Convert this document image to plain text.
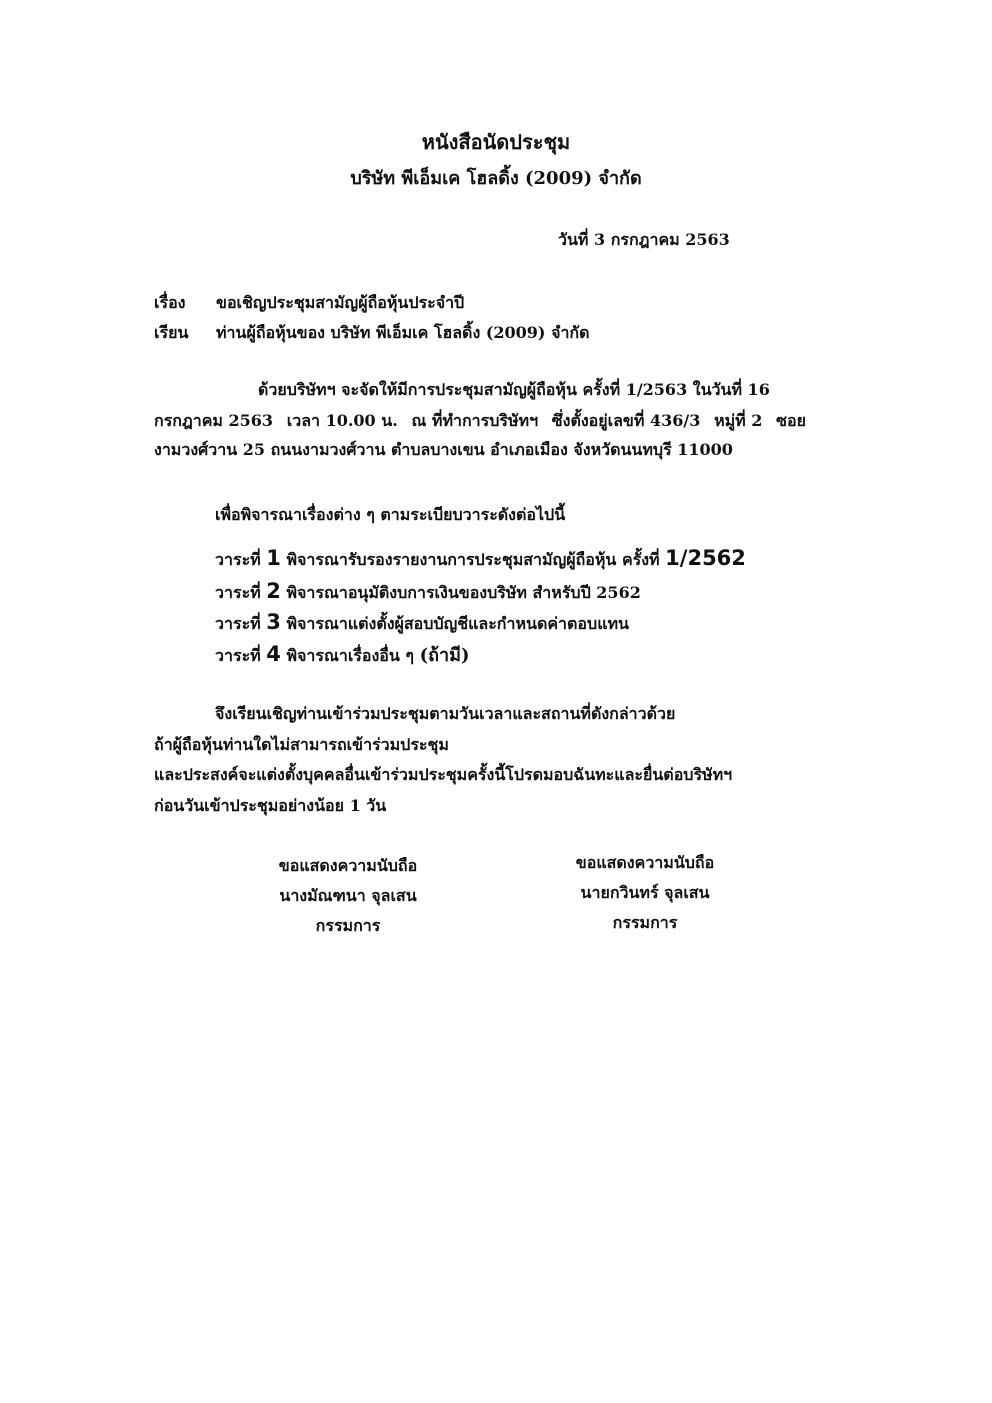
หนังสือนัดประชุม
บริษัท พีเอ็มเค โฮลดิ้ง (2009) จำกัด
วันที่ 3 กรกฎาคม 2563
เรื่อง ขอเชิญประชุมสามัญผู้ถือหุ้นประจำปี
เรียน ท่านผู้ถือหุ้นของ บริษัท พีเอ็มเค โฮลดิ้ง (2009) จำกัด
ด้วยบริษัทฯ จะจัดให้มีการประชุมสามัญผู้ถือหุ้น ครั้งที่ 1/2563 ในวันที่ 16
กรกฎาคม 2563 เวลา 10.00 น. ณ ที่ทำการบริษัทฯ ซึ่งตั้งอยู่เลขที่ 436/3 หมู่ที่ 2 ซอย
งามวงศ์วาน 25 ถนนงามวงศ์วาน ตำบลบางเขน อำเภอเมือง จังหวัดนนทบุรี 11000
เพื่อพิจารณาเรื่องต่าง ๆ ตามระเบียบวาระดังต่อไปนี้
วาระที่ 1 พิจารณารับรองรายงานการประชุมสามัญผู้ถือหุ้น ครั้งที่ 1/2562
วาระที่ 2 พิจารณาอนุมัติงบการเงินของบริษัท สำหรับปี 2562
วาระที่ 3 พิจารณาแต่งตั้งผู้สอบบัญชีและกำหนดค่าตอบแทน
วาระที่ 4 พิจารณาเรื่องอื่น ๆ (ถ้ามี)
จึงเรียนเชิญท่านเข้าร่วมประชุมตามวันเวลาและสถานที่ดังกล่าวด้วย
ถ้าผู้ถือหุ้นท่านใดไม่สามารถเข้าร่วมประชุม
และประสงค์จะแต่งตั้งบุคคลอื่นเข้าร่วมประชุมครั้งนี้โปรดมอบฉันทะและยื่นต่อบริษัทฯ
ก่อนวันเข้าประชุมอย่างน้อย 1 วัน
ขอแสดงความนับถือ
นางมัณฑนา จุลเสน
กรรมการ
ขอแสดงความนับถือ
นายกวินทร์ จุลเสน
กรรมการ
